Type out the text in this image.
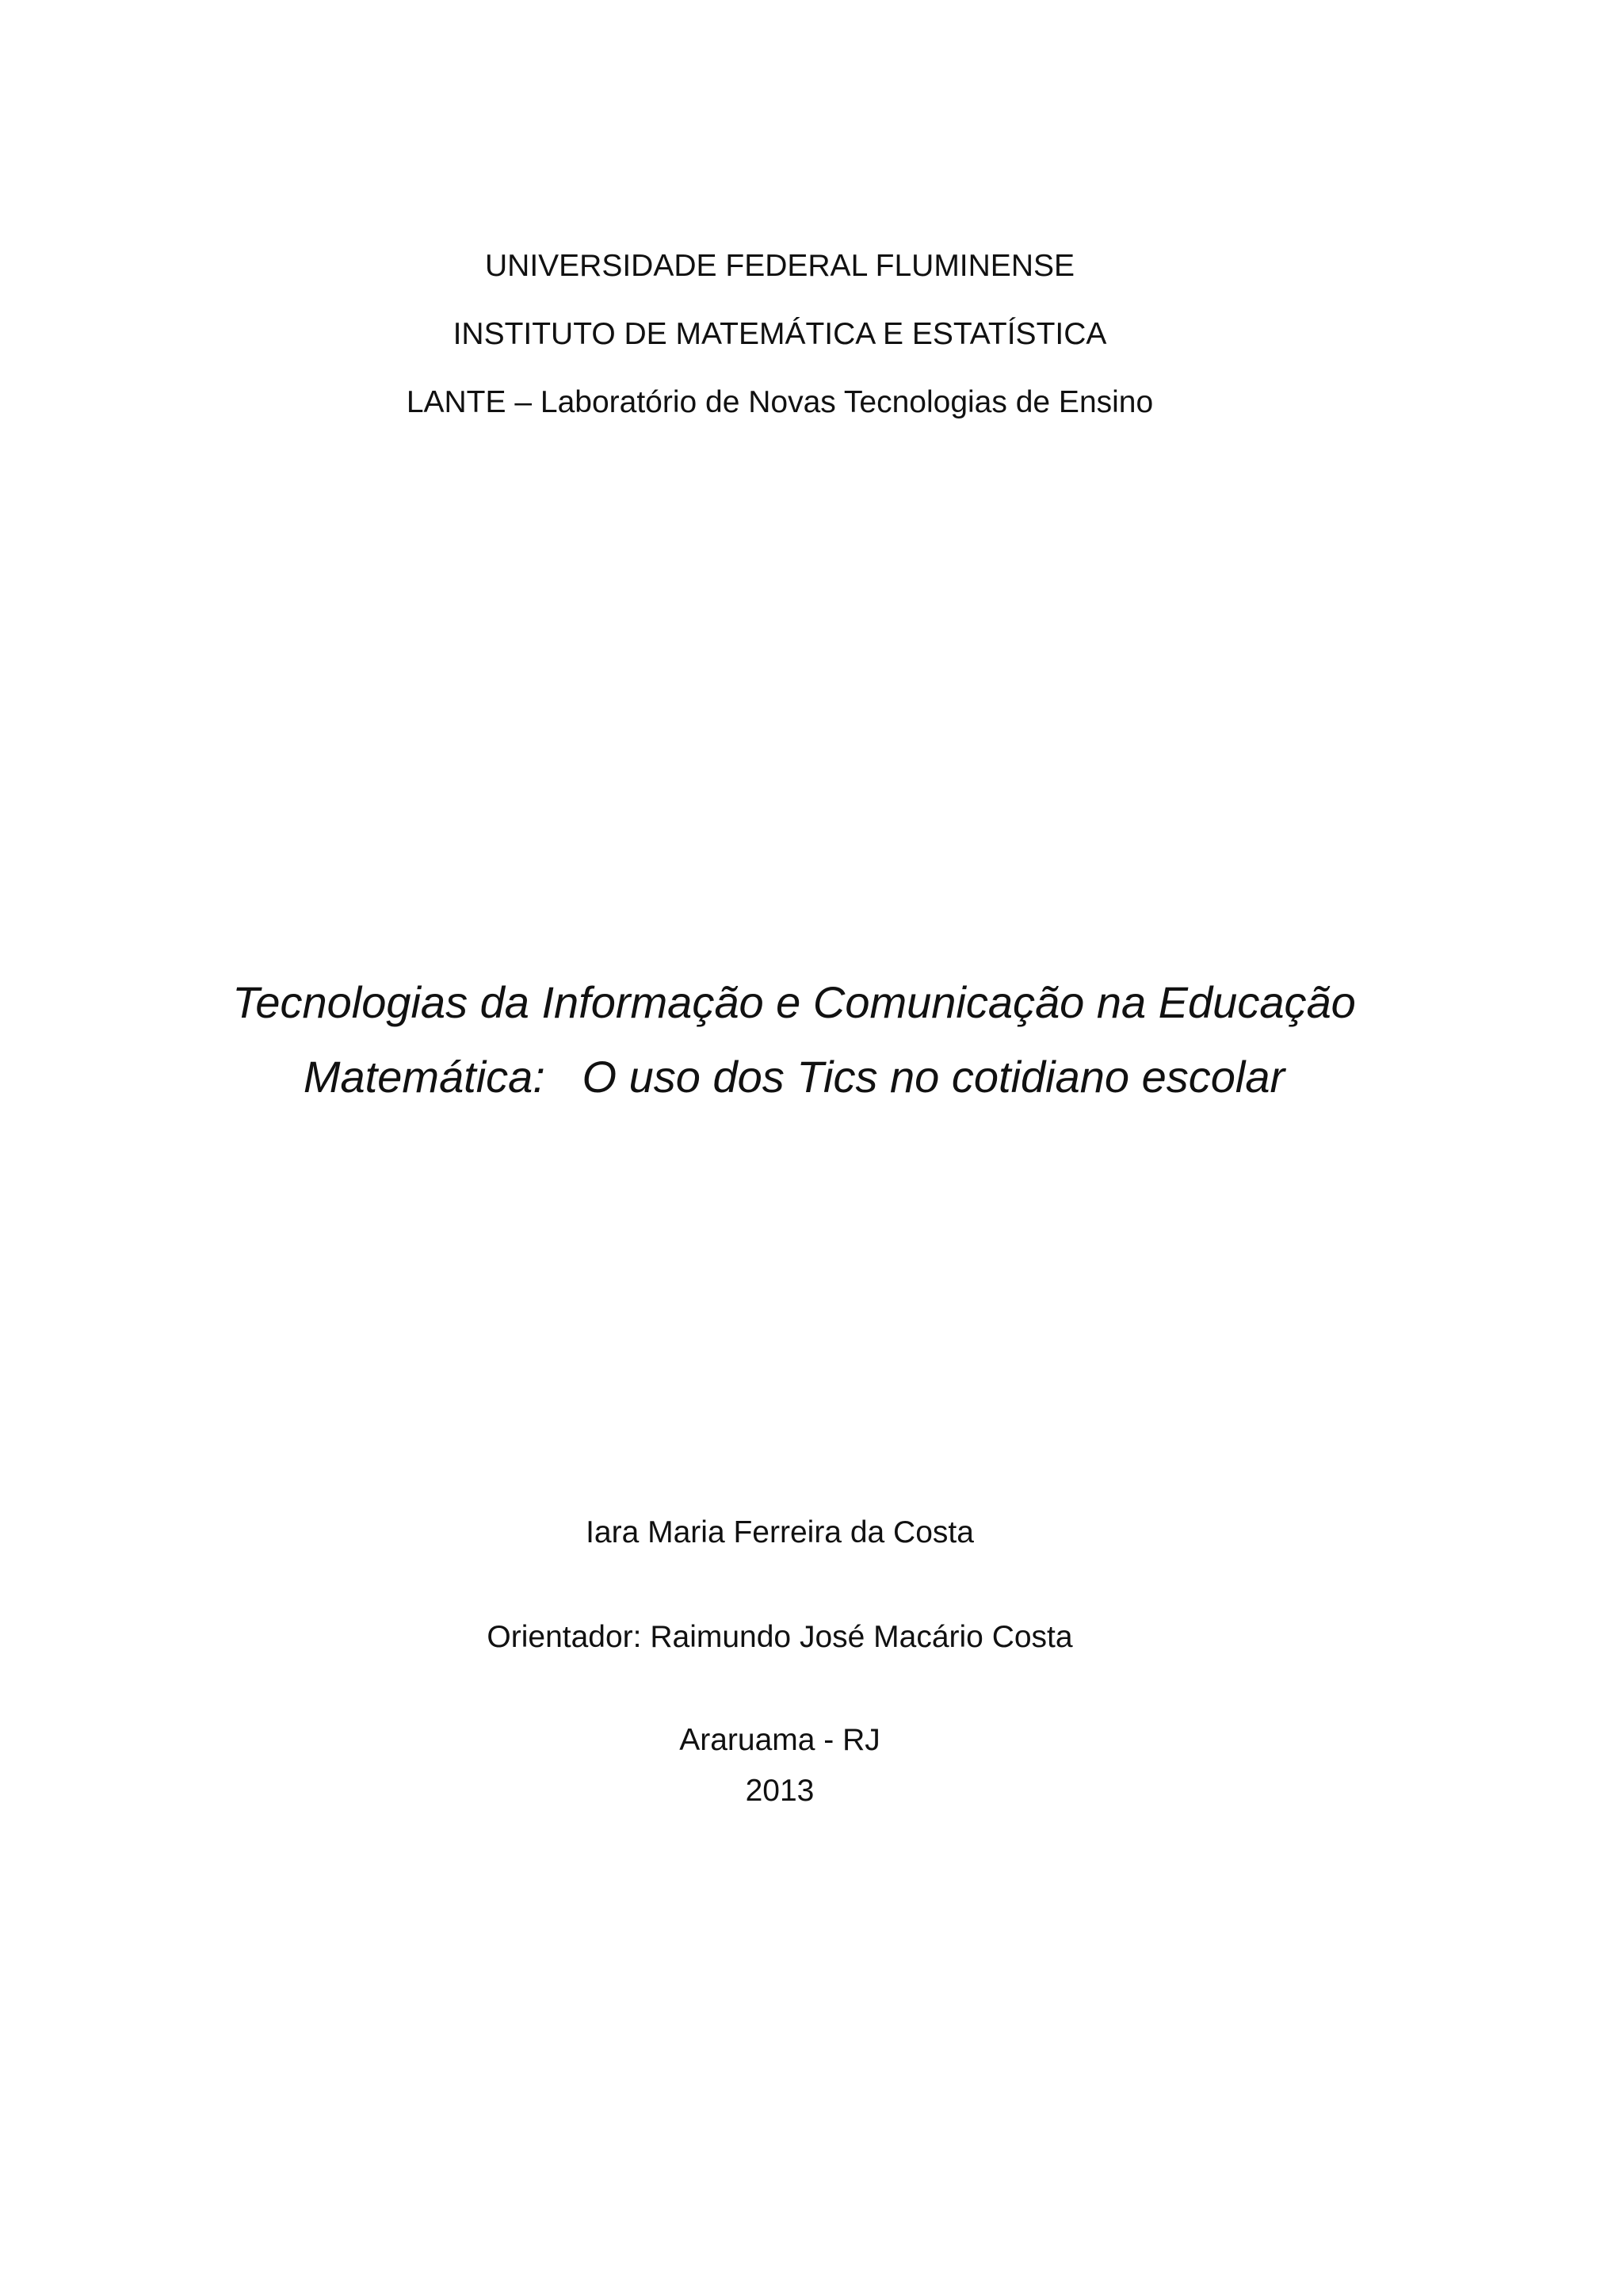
UNIVERSIDADE FEDERAL FLUMINENSE

INSTITUTO DE MATEMÁTICA E ESTATÍSTICA

LANTE – Laboratório de Novas Tecnologias de Ensino

Tecnologias da Informação e Comunicação na Educação

Matemática:   O uso dos Tics no cotidiano escolar

Iara Maria Ferreira da Costa

Orientador: Raimundo José Macário Costa

Araruama - RJ

2013
